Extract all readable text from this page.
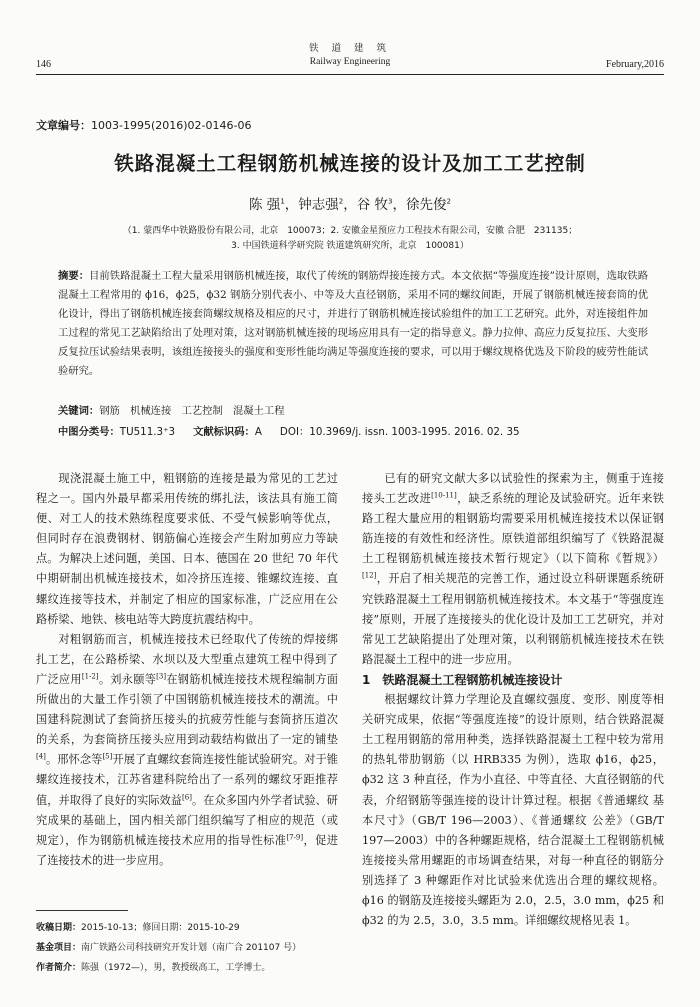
铁 道 建 筑
Railway Engineering
146	February,2016
文章编号：1003-1995(2016)02-0146-06
铁路混凝土工程钢筋机械连接的设计及加工工艺控制
陈 强$^1$，钟志强$^2$，谷 牧$^3$，徐先俊$^2$
（1. 蒙西华中铁路股份有限公司，北京　100073；2. 安徽金星预应力工程技术有限公司，安徽 合肥　231135；
3. 中国铁道科学研究院 铁道建筑研究所，北京　100081）
摘要：目前铁路混凝土工程大量采用钢筋机械连接，取代了传统的钢筋焊接连接方式。本文依据“等强度连接”设计原则，选取铁路混凝土工程常用的 ϕ16，ϕ25，ϕ32 钢筋分别代表小、中等及大直径钢筋，采用不同的螺纹间距，开展了钢筋机械连接套筒的优化设计，得出了钢筋机械连接套筒螺纹规格及相应的尺寸，并进行了钢筋机械连接试验组件的加工工艺研究。此外，对连接组件加工过程的常见工艺缺陷给出了处理对策，这对钢筋机械连接的现场应用具有一定的指导意义。静力拉伸、高应力反复拉压、大变形反复拉压试验结果表明，该组连接接头的强度和变形性能均满足等强度连接的要求，可以用于螺纹规格优选及下阶段的疲劳性能试验研究。
关键词：钢筋　机械连接　工艺控制　混凝土工程
中图分类号：TU511.3⁺3 文献标识码：A DOI：10.3969/j. issn. 1003-1995. 2016. 02. 35

现浇混凝土施工中，粗钢筋的连接是最为常见的工艺过程之一。国内外最早都采用传统的绑扎法，该法具有施工简便、对工人的技术熟练程度要求低、不受气候影响等优点，但同时存在浪费钢材、钢筋偏心连接会产生附加剪应力等缺点。为解决上述问题，美国、日本、德国在 20 世纪 70 年代中期研制出机械连接技术，如冷挤压连接、锥螺纹连接、直螺纹连接等技术，并制定了相应的国家标准，广泛应用在公路桥梁、地铁、核电站等大跨度抗震结构中。

对粗钢筋而言，机械连接技术已经取代了传统的焊接绑扎工艺，在公路桥梁、水坝以及大型重点建筑工程中得到了广泛应用[1-2]。刘永颐等[3]在钢筋机械连接技术规程编制方面所做出的大量工作引领了中国钢筋机械连接技术的潮流。中国建科院测试了套筒挤压接头的抗疲劳性能与套筒挤压道次的关系，为套筒挤压接头应用到动载结构做出了一定的铺垫[4]。邢怀念等[5]开展了直螺纹套筒连接性能试验研究。对于锥螺纹连接技术，江苏省建科院给出了一系列的螺纹牙距推荐值，并取得了良好的实际效益[6]。在众多国内外学者试验、研究成果的基础上，国内相关部门组织编写了相应的规范（或规定），作为钢筋机械连接技术应用的指导性标准[7-9]，促进了连接技术的进一步应用。

已有的研究文献大多以试验性的探索为主，侧重于连接接头工艺改进[10-11]，缺乏系统的理论及试验研究。近年来铁路工程大量应用的粗钢筋均需要采用机械连接技术以保证钢筋连接的有效性和经济性。原铁道部组织编写了《铁路混凝土工程钢筋机械连接技术暂行规定》（以下简称《暂规》）[12]，开启了相关规范的完善工作，通过设立科研课题系统研究铁路混凝土工程用钢筋机械连接技术。本文基于“等强度连接”原则，开展了连接接头的优化设计及加工工艺研究，并对常见工艺缺陷提出了处理对策，以利钢筋机械连接技术在铁路混凝土工程中的进一步应用。

1　铁路混凝土工程钢筋机械连接设计

根据螺纹计算力学理论及直螺纹强度、变形、刚度等相关研究成果，依据“等强度连接”的设计原则，结合铁路混凝土工程用钢筋的常用种类，选择铁路混凝土工程中较为常用的热轧带肋钢筋（以 HRB335 为例），选取 ϕ16，ϕ25，ϕ32 这 3 种直径，作为小直径、中等直径、大直径钢筋的代表，介绍钢筋等强连接的设计计算过程。根据《普通螺纹 基本尺寸》（GB/T 196—2003）、《普通螺纹 公差》（GB/T 197—2003）中的各种螺距规格，结合混凝土工程钢筋机械连接接头常用螺距的市场调查结果，对每一种直径的钢筋分别选择了 3 种螺距作对比试验来优选出合理的螺纹规格。ϕ16 的钢筋及连接接头螺距为 2.0，2.5，3.0 mm，ϕ25 和 ϕ32 的为 2.5，3.0，3.5 mm。详细螺纹规格见表 1。

收稿日期：2015-10-13；修回日期：2015-10-29
基金项目：南广铁路公司科技研究开发计划（南广合 201107 号）
作者简介：陈强（1972—），男，教授级高工，工学博士。
